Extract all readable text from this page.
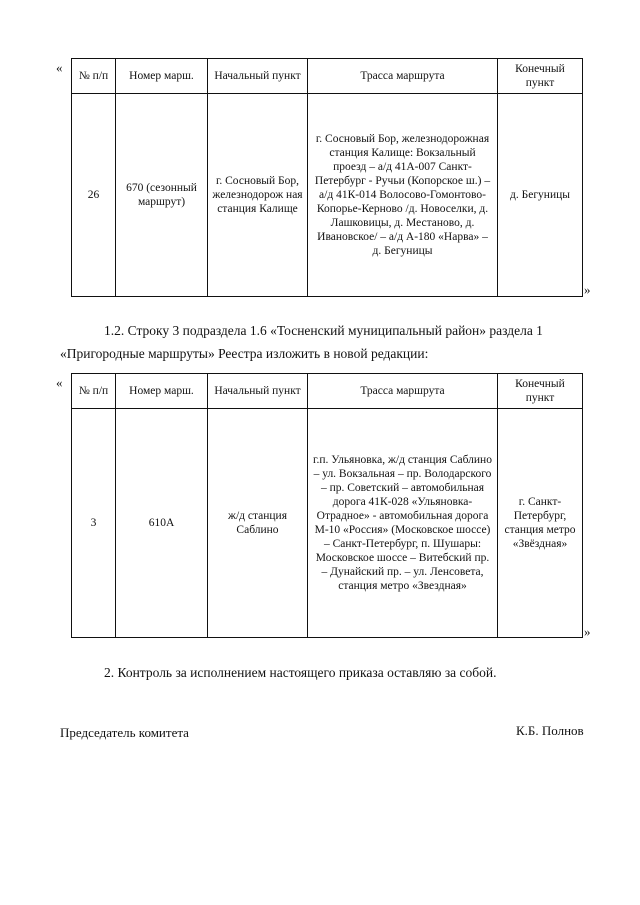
«
№ п/п	Номер марш.	Начальный пункт	Трасса маршрута	Конечный пункт
26	670 (сезонный маршрут)	г. Сосновый Бор, железнодорож ная станция Калище	г. Сосновый Бор, железнодорожная станция Калище: Вокзальный проезд – а/д 41А-007 Санкт-Петербург - Ручьи (Копорское ш.) – а/д 41К-014 Волосово-Гомонтово-Копорье-Керново /д. Новоселки, д. Лашковицы, д. Местаново, д. Ивановское/ – а/д А-180 «Нарва» – д. Бегуницы	д. Бегуницы
»
1.2. Строку 3 подраздела 1.6 «Тосненский муниципальный район» раздела 1
«Пригородные маршруты» Реестра изложить в новой редакции:
«
№ п/п	Номер марш.	Начальный пункт	Трасса маршрута	Конечный пункт
3	610А	ж/д станция Саблино	г.п. Ульяновка, ж/д станция Саблино – ул. Вокзальная – пр. Володарского – пр. Советский – автомобильная дорога 41К-028 «Ульяновка-Отрадное» - автомобильная дорога М-10 «Россия» (Московское шоссе) – Санкт-Петербург, п. Шушары: Московское шоссе – Витебский пр. – Дунайский пр. – ул. Ленсовета, станция метро «Звездная»	г. Санкт-Петербург, станция метро «Звёздная»
»
2. Контроль за исполнением настоящего приказа оставляю за собой.
Председатель комитета	К.Б. Полнов
